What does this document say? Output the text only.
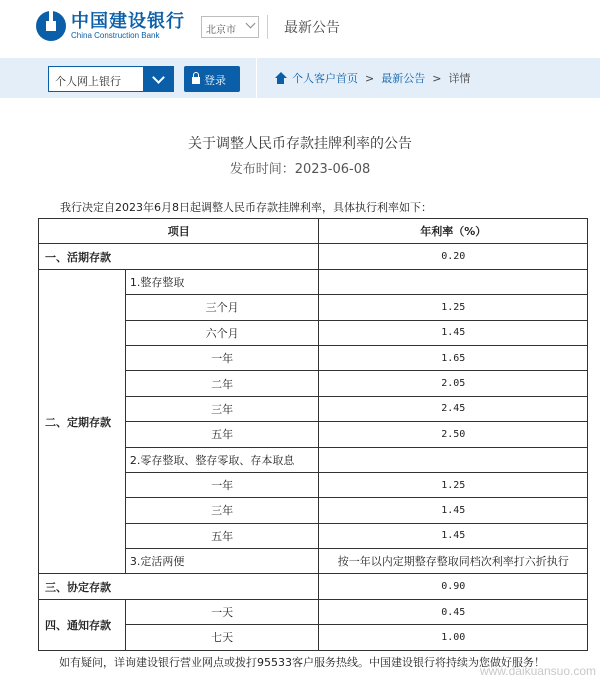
中国建设银行
China Construction Bank	北京市	最新公告
个人网上银行	登录	个人客户首页 > 最新公告 > 详情
关于调整人民币存款挂牌利率的公告
发布时间：2023-06-08
我行决定自2023年6月8日起调整人民币存款挂牌利率，具体执行利率如下：
项目		年利率（%）
一、活期存款		0.20
二、定期存款	1.整存整取	
	三个月	1.25
	六个月	1.45
	一年	1.65
	二年	2.05
	三年	2.45
	五年	2.50
	2.零存整取、整存零取、存本取息	
	一年	1.25
	三年	1.45
	五年	1.45
	3.定活两便	按一年以内定期整存整取同档次利率打六折执行
三、协定存款		0.90
四、通知存款	一天	0.45
	七天	1.00
如有疑问，详询建设银行营业网点或拨打95533客户服务热线。中国建设银行将持续为您做好服务！
www.daikuansuo.com
